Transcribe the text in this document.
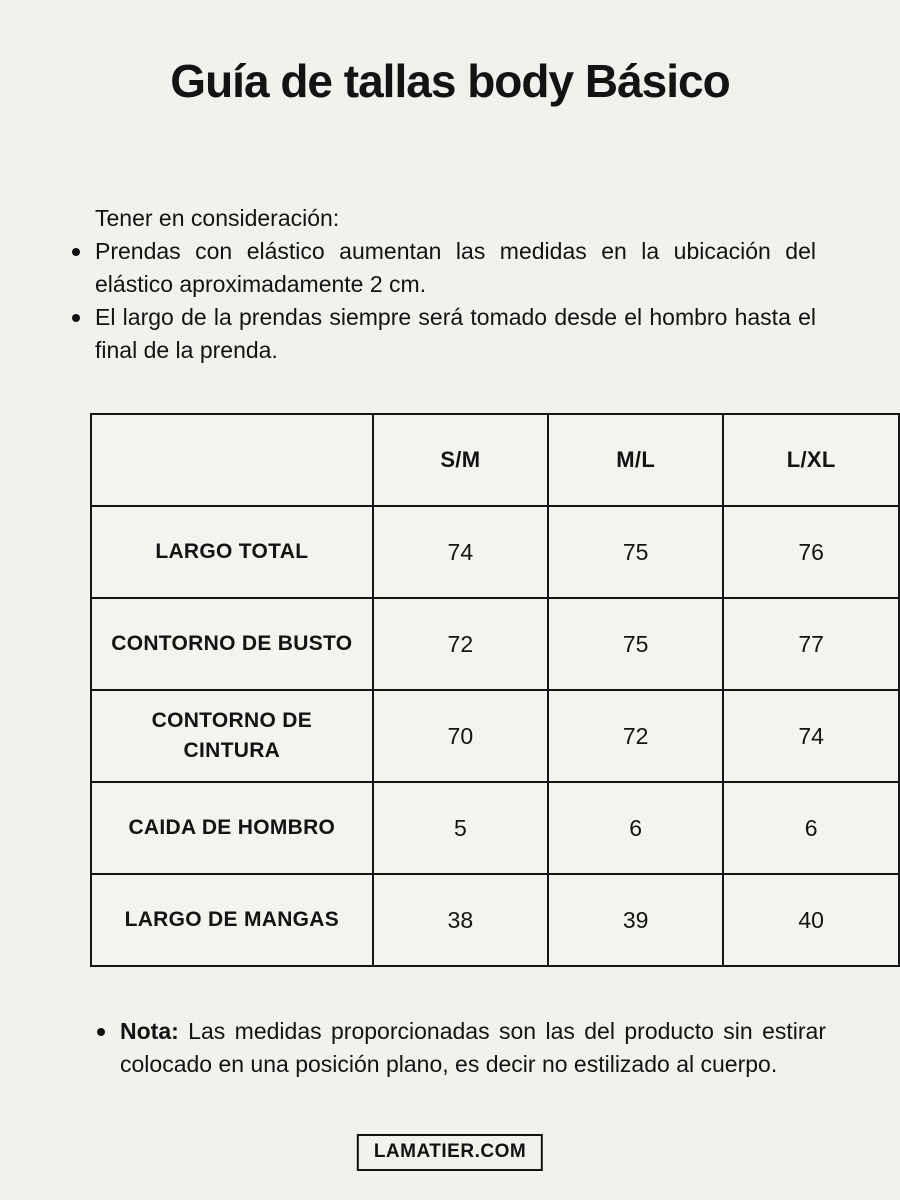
Guía de tallas body Básico

Tener en consideración:

Prendas con elástico aumentan las medidas en la ubicación del elástico aproximadamente 2 cm.
El largo de la prendas siempre será tomado desde el hombro hasta el final de la prenda.
	S/M	M/L	L/XL
LARGO TOTAL	74	75	76
CONTORNO DE BUSTO	72	75	77
CONTORNO DE CINTURA	70	72	74
CAIDA DE HOMBRO	5	6	6
LARGO DE MANGAS	38	39	40
Nota: Las medidas proporcionadas son las del producto sin estirar colocado en una posición plano, es decir no estilizado al cuerpo.
LAMATIER.COM
